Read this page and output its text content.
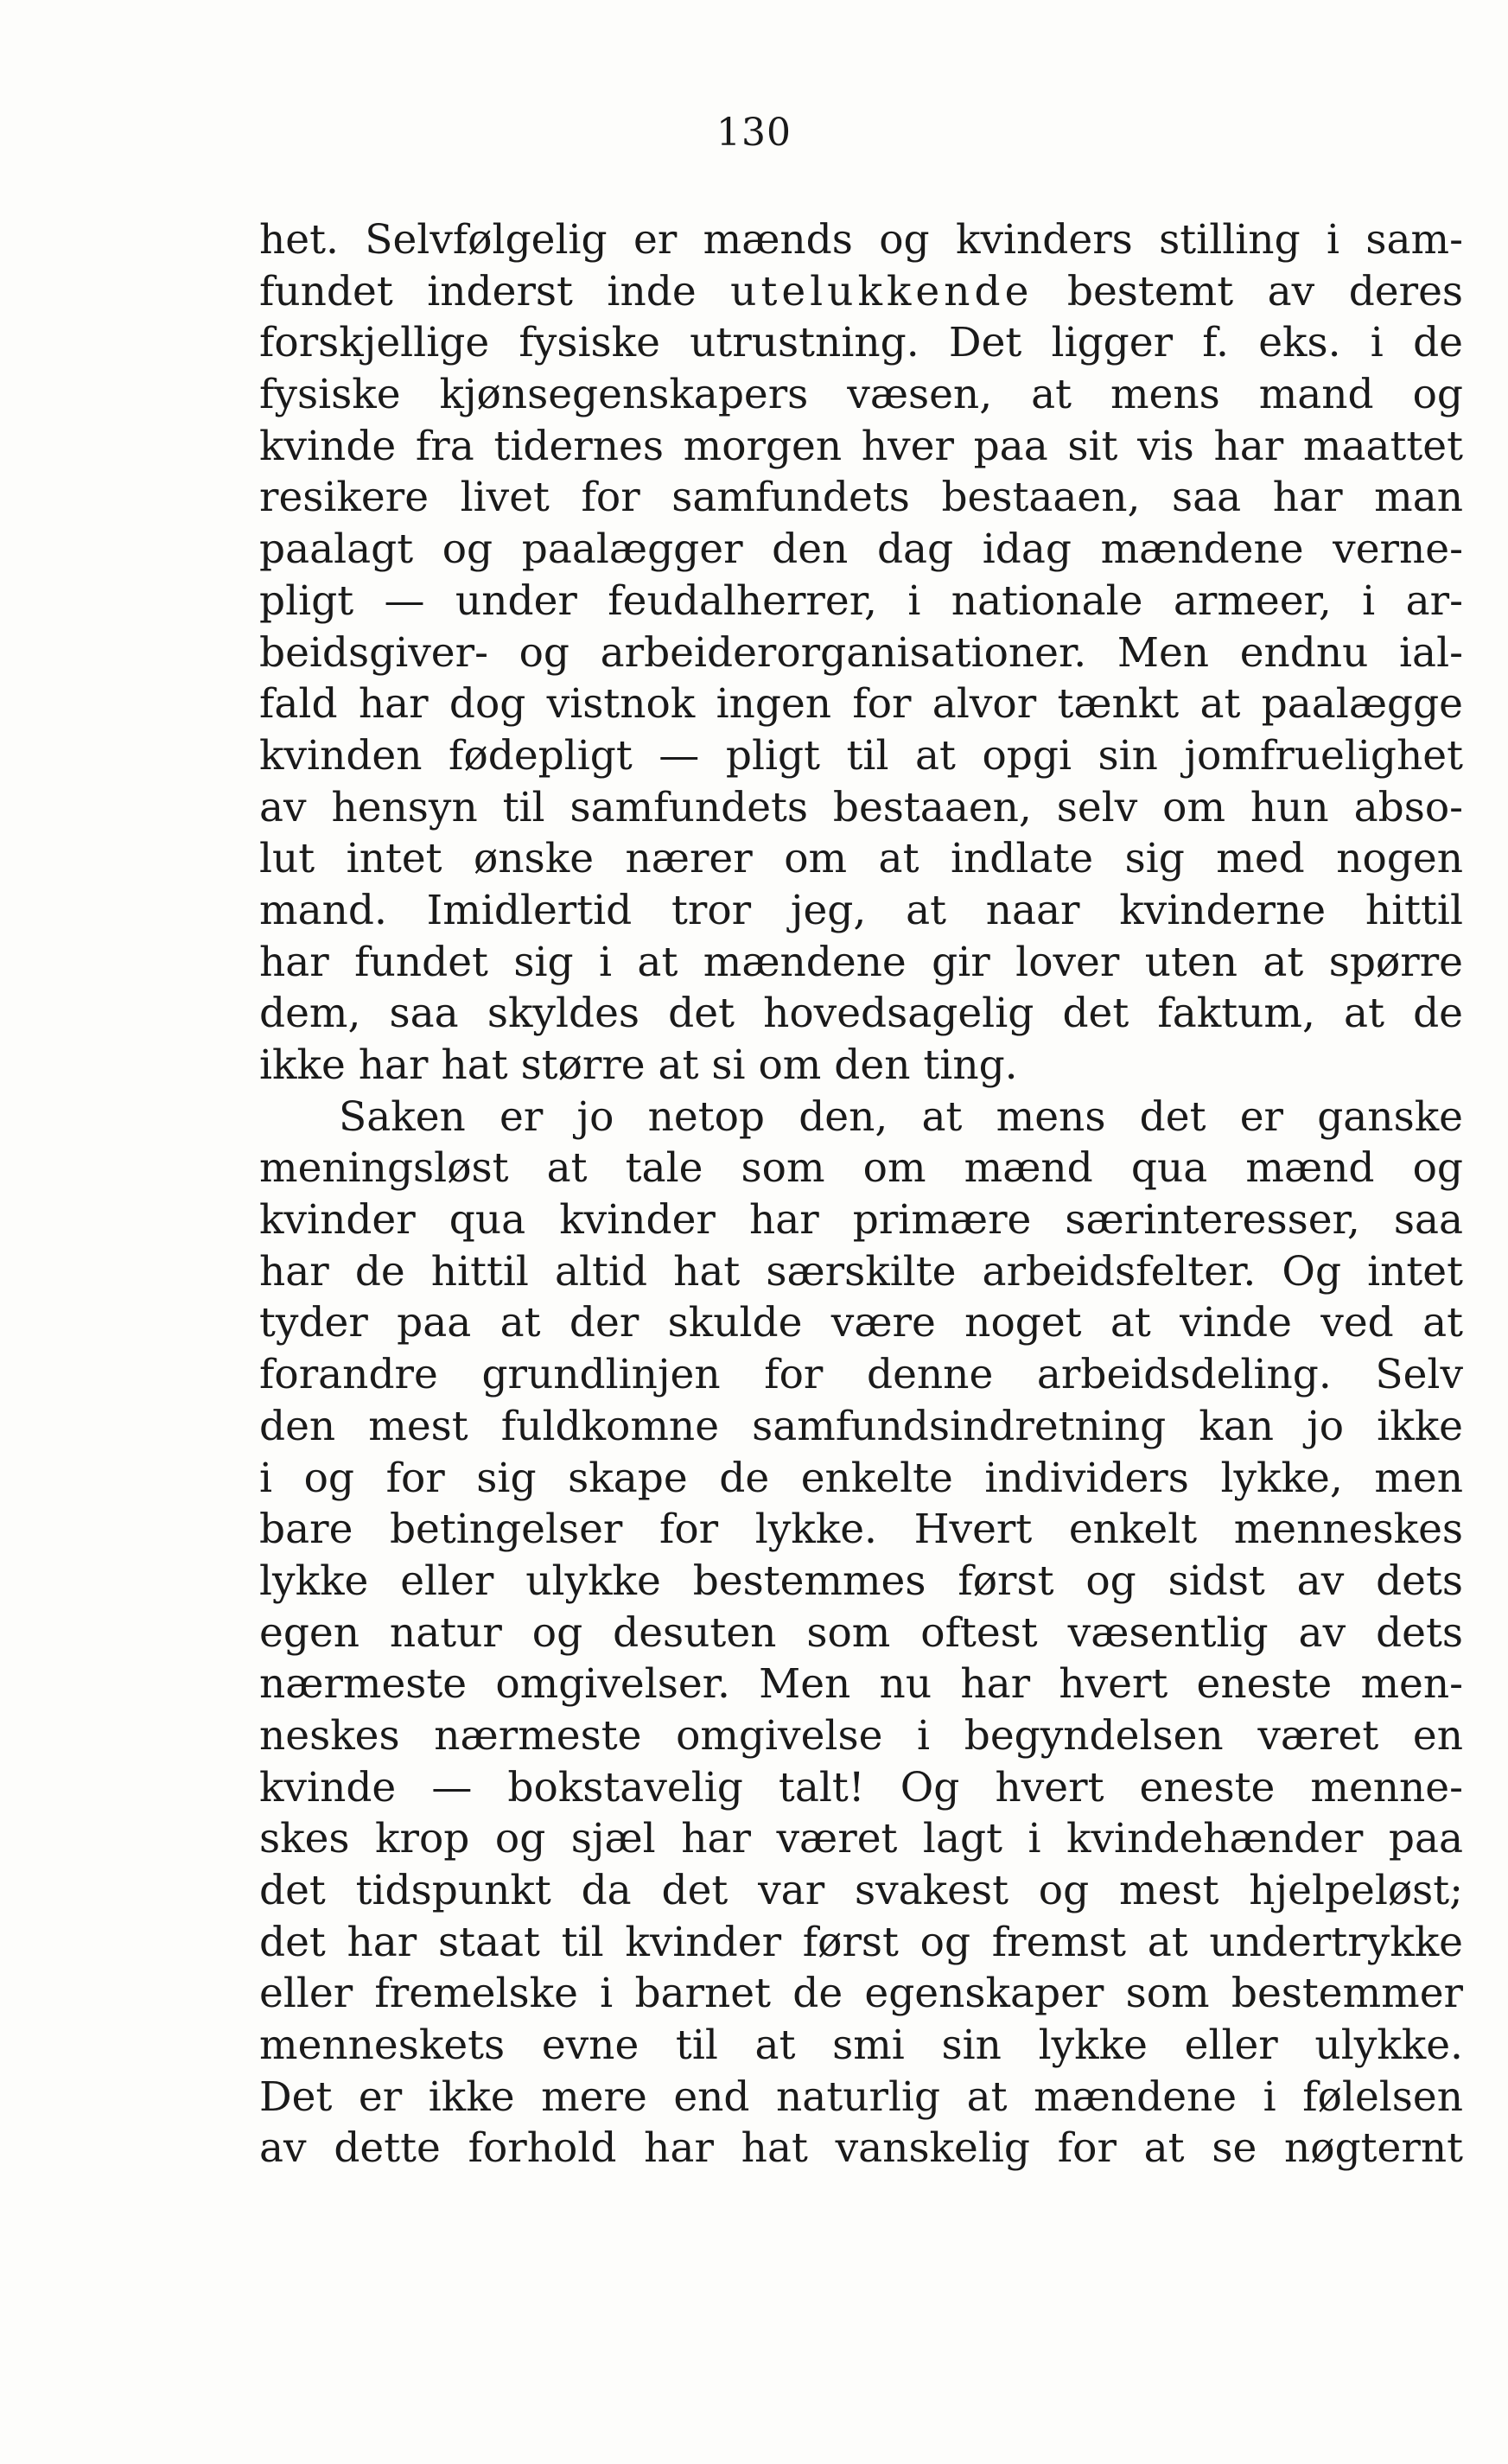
130
het. Selvfølgelig er mænds og kvinders stilling i sam-
fundet inderst inde utelukkende bestemt av deres
forskjellige fysiske utrustning. Det ligger f. eks. i de
fysiske kjønsegenskapers væsen, at mens mand og
kvinde fra tidernes morgen hver paa sit vis har maattet
resikere livet for samfundets bestaaen, saa har man
paalagt og paalægger den dag idag mændene verne-
pligt — under feudalherrer, i nationale armeer, i ar-
beidsgiver- og arbeiderorganisationer. Men endnu ial-
fald har dog vistnok ingen for alvor tænkt at paalægge
kvinden fødepligt — pligt til at opgi sin jomfruelighet
av hensyn til samfundets bestaaen, selv om hun abso-
lut intet ønske nærer om at indlate sig med nogen
mand. Imidlertid tror jeg, at naar kvinderne hittil
har fundet sig i at mændene gir lover uten at spørre
dem, saa skyldes det hovedsagelig det faktum, at de
ikke har hat større at si om den ting.
Saken er jo netop den, at mens det er ganske
meningsløst at tale som om mænd qua mænd og
kvinder qua kvinder har primære særinteresser, saa
har de hittil altid hat særskilte arbeidsfelter. Og intet
tyder paa at der skulde være noget at vinde ved at
forandre grundlinjen for denne arbeidsdeling. Selv
den mest fuldkomne samfundsindretning kan jo ikke
i og for sig skape de enkelte individers lykke, men
bare betingelser for lykke. Hvert enkelt menneskes
lykke eller ulykke bestemmes først og sidst av dets
egen natur og desuten som oftest væsentlig av dets
nærmeste omgivelser. Men nu har hvert eneste men-
neskes nærmeste omgivelse i begyndelsen været en
kvinde — bokstavelig talt! Og hvert eneste menne-
skes krop og sjæl har været lagt i kvindehænder paa
det tidspunkt da det var svakest og mest hjelpeløst;
det har staat til kvinder først og fremst at undertrykke
eller fremelske i barnet de egenskaper som bestemmer
menneskets evne til at smi sin lykke eller ulykke.
Det er ikke mere end naturlig at mændene i følelsen
av dette forhold har hat vanskelig for at se nøgternt
